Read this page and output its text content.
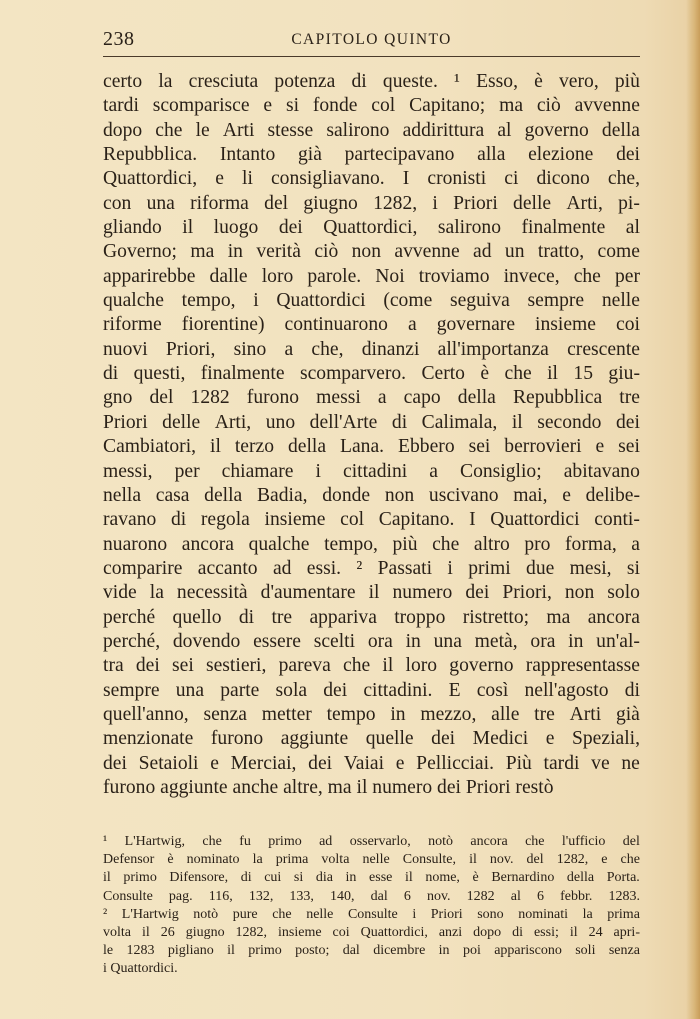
238	CAPITOLO QUINTO
certo la cresciuta potenza di queste. ¹ Esso, è vero, più
tardi scomparisce e si fonde col Capitano; ma ciò avvenne
dopo che le Arti stesse salirono addirittura al governo della
Repubblica. Intanto già partecipavano alla elezione dei
Quattordici, e li consigliavano. I cronisti ci dicono che,
con una riforma del giugno 1282, i Priori delle Arti, pi-
gliando il luogo dei Quattordici, salirono finalmente al
Governo; ma in verità ciò non avvenne ad un tratto, come
apparirebbe dalle loro parole. Noi troviamo invece, che per
qualche tempo, i Quattordici (come seguiva sempre nelle
riforme fiorentine) continuarono a governare insieme coi
nuovi Priori, sino a che, dinanzi all'importanza crescente
di questi, finalmente scomparvero. Certo è che il 15 giu-
gno del 1282 furono messi a capo della Repubblica tre
Priori delle Arti, uno dell'Arte di Calimala, il secondo dei
Cambiatori, il terzo della Lana. Ebbero sei berrovieri e sei
messi, per chiamare i cittadini a Consiglio; abitavano
nella casa della Badia, donde non uscivano mai, e delibe-
ravano di regola insieme col Capitano. I Quattordici conti-
nuarono ancora qualche tempo, più che altro pro forma, a
comparire accanto ad essi. ² Passati i primi due mesi, si
vide la necessità d'aumentare il numero dei Priori, non solo
perché quello di tre appariva troppo ristretto; ma ancora
perché, dovendo essere scelti ora in una metà, ora in un'al-
tra dei sei sestieri, pareva che il loro governo rappresentasse
sempre una parte sola dei cittadini. E così nell'agosto di
quell'anno, senza metter tempo in mezzo, alle tre Arti già
menzionate furono aggiunte quelle dei Medici e Speziali,
dei Setaioli e Merciai, dei Vaiai e Pellicciai. Più tardi ve ne
furono aggiunte anche altre, ma il numero dei Priori restò
¹ L'Hartwig, che fu primo ad osservarlo, notò ancora che l'ufficio del
Defensor è nominato la prima volta nelle Consulte, il nov. del 1282, e che
il primo Difensore, di cui si dia in esse il nome, è Bernardino della Porta.
Consulte pag. 116, 132, 133, 140, dal 6 nov. 1282 al 6 febbr. 1283.
² L'Hartwig notò pure che nelle Consulte i Priori sono nominati la prima
volta il 26 giugno 1282, insieme coi Quattordici, anzi dopo di essi; il 24 apri-
le 1283 pigliano il primo posto; dal dicembre in poi appariscono soli senza
i Quattordici.
